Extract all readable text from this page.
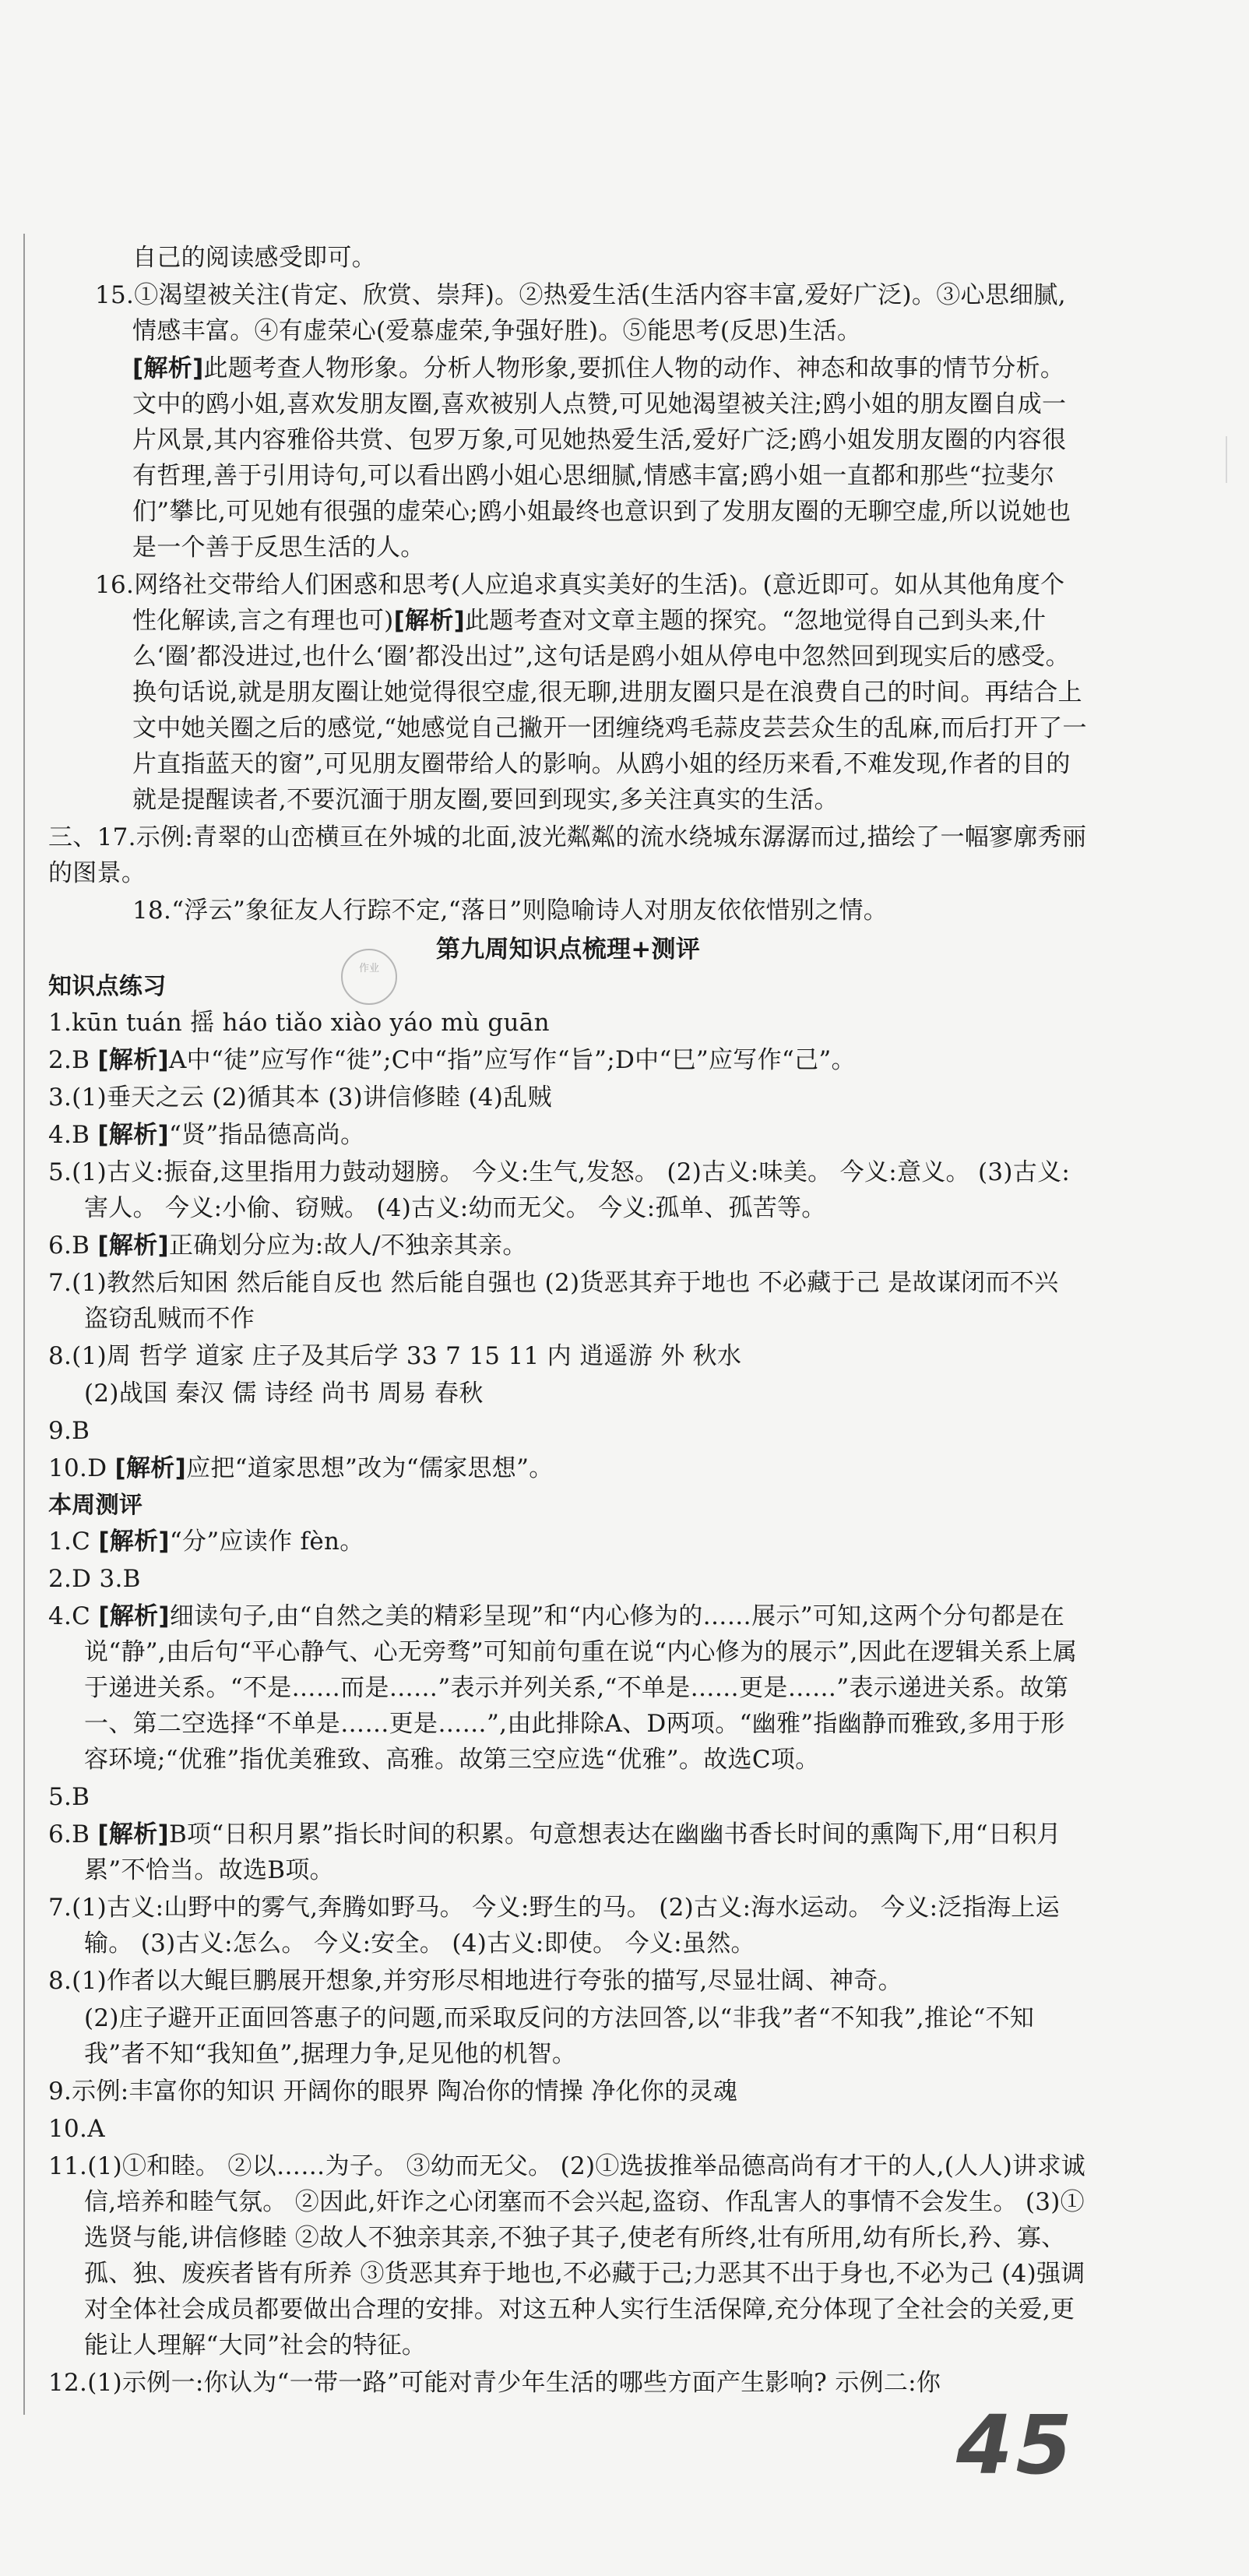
自己的阅读感受即可。
15.①渴望被关注(肯定、欣赏、崇拜)。②热爱生活(生活内容丰富,爱好广泛)。③心思细腻,情感丰富。④有虚荣心(爱慕虚荣,争强好胜)。⑤能思考(反思)生活。
[解析]此题考查人物形象。分析人物形象,要抓住人物的动作、神态和故事的情节分析。文中的鸥小姐,喜欢发朋友圈,喜欢被别人点赞,可见她渴望被关注;鸥小姐的朋友圈自成一片风景,其内容雅俗共赏、包罗万象,可见她热爱生活,爱好广泛;鸥小姐发朋友圈的内容很有哲理,善于引用诗句,可以看出鸥小姐心思细腻,情感丰富;鸥小姐一直都和那些“拉斐尔们”攀比,可见她有很强的虚荣心;鸥小姐最终也意识到了发朋友圈的无聊空虚,所以说她也是一个善于反思生活的人。
16.网络社交带给人们困惑和思考(人应追求真实美好的生活)。(意近即可。如从其他角度个性化解读,言之有理也可)[解析]此题考查对文章主题的探究。“忽地觉得自己到头来,什么‘圈’都没进过,也什么‘圈’都没出过”,这句话是鸥小姐从停电中忽然回到现实后的感受。换句话说,就是朋友圈让她觉得很空虚,很无聊,进朋友圈只是在浪费自己的时间。再结合上文中她关圈之后的感觉,“她感觉自己撇开一团缠绕鸡毛蒜皮芸芸众生的乱麻,而后打开了一片直指蓝天的窗”,可见朋友圈带给人的影响。从鸥小姐的经历来看,不难发现,作者的目的就是提醒读者,不要沉湎于朋友圈,要回到现实,多关注真实的生活。
三、17.示例:青翠的山峦横亘在外城的北面,波光粼粼的流水绕城东潺潺而过,描绘了一幅寥廓秀丽的图景。
18.“浮云”象征友人行踪不定,“落日”则隐喻诗人对朋友依依惜别之情。
第九周知识点梳理+测评
知识点练习
1.kūn tuán 摇 háo tiǎo xiào yáo mù guān
2.B [解析]A中“徒”应写作“徙”;C中“指”应写作“旨”;D中“巳”应写作“己”。
3.(1)垂天之云 (2)循其本 (3)讲信修睦 (4)乱贼
4.B [解析]“贤”指品德高尚。
5.(1)古义:振奋,这里指用力鼓动翅膀。 今义:生气,发怒。 (2)古义:味美。 今义:意义。 (3)古义:害人。 今义:小偷、窃贼。 (4)古义:幼而无父。 今义:孤单、孤苦等。
6.B [解析]正确划分应为:故人/不独亲其亲。
7.(1)教然后知困 然后能自反也 然后能自强也 (2)货恶其弃于地也 不必藏于己 是故谋闭而不兴 盗窃乱贼而不作
8.(1)周 哲学 道家 庄子及其后学 33 7 15 11 内 逍遥游 外 秋水
(2)战国 秦汉 儒 诗经 尚书 周易 春秋
9.B
10.D [解析]应把“道家思想”改为“儒家思想”。
本周测评
1.C [解析]“分”应读作 fèn。
2.D 3.B
4.C [解析]细读句子,由“自然之美的精彩呈现”和“内心修为的……展示”可知,这两个分句都是在说“静”,由后句“平心静气、心无旁骛”可知前句重在说“内心修为的展示”,因此在逻辑关系上属于递进关系。“不是……而是……”表示并列关系,“不单是……更是……”表示递进关系。故第一、第二空选择“不单是……更是……”,由此排除A、D两项。“幽雅”指幽静而雅致,多用于形容环境;“优雅”指优美雅致、高雅。故第三空应选“优雅”。故选C项。
5.B
6.B [解析]B项“日积月累”指长时间的积累。句意想表达在幽幽书香长时间的熏陶下,用“日积月累”不恰当。故选B项。
7.(1)古义:山野中的雾气,奔腾如野马。 今义:野生的马。 (2)古义:海水运动。 今义:泛指海上运输。 (3)古义:怎么。 今义:安全。 (4)古义:即使。 今义:虽然。
8.(1)作者以大鲲巨鹏展开想象,并穷形尽相地进行夸张的描写,尽显壮阔、神奇。
(2)庄子避开正面回答惠子的问题,而采取反问的方法回答,以“非我”者“不知我”,推论“不知我”者不知“我知鱼”,据理力争,足见他的机智。
9.示例:丰富你的知识 开阔你的眼界 陶冶你的情操 净化你的灵魂
10.A
11.(1)①和睦。 ②以……为子。 ③幼而无父。 (2)①选拔推举品德高尚有才干的人,(人人)讲求诚信,培养和睦气氛。 ②因此,奸诈之心闭塞而不会兴起,盗窃、作乱害人的事情不会发生。 (3)①选贤与能,讲信修睦 ②故人不独亲其亲,不独子其子,使老有所终,壮有所用,幼有所长,矜、寡、孤、独、废疾者皆有所养 ③货恶其弃于地也,不必藏于己;力恶其不出于身也,不必为己 (4)强调对全体社会成员都要做出合理的安排。对这五种人实行生活保障,充分体现了全社会的关爱,更能让人理解“大同”社会的特征。
12.(1)示例一:你认为“一带一路”可能对青少年生活的哪些方面产生影响? 示例二:你
作业
45
